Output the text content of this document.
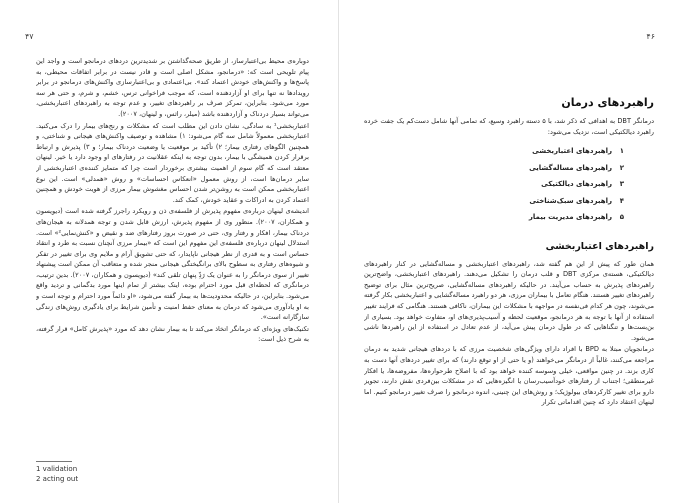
۴۷	۴۶

دوباره‌ی محیط بی‌اعتبارساز، از طریق صحه‌گذاشتن بر شدیدترین دردهای درمانجو است و واجد این پیام تلویحی است که: «درمانجو، مشکل اصلی است و قادر نیست در برابر اتفاقات محیطی، به پاسخ‌ها و واکنش‌های خودش اعتماد کند». بی‌اعتمادی و بی‌اعتبارسازی واکنش‌های درمانجو در برابر رویدادها نه تنها برای او آزاردهنده است، که موجب فراخوانی ترس، خشم، و شرم، و حتی هر سه مورد می‌شود. بنابراین، تمرکز صرف بر راهبردهای تغییر، و عدم توجه به راهبردهای اعتباربخشی، می‌تواند بسیار دردناک و آزاردهنده باشد (میلر، راثس، و لینهان، ۲۰۰۷).

اعتباربخشی¹ به سادگی، نشان دادن این مطلب است که مشکلات و رنج‌های بیمار را درک می‌کنید. اعتباربخشی معمولاً شامل سه گام می‌شود: ۱) مشاهده و توصیف واکنش‌های هیجانی و شناختی، و همچنین الگوهای رفتاری بیمار؛ ۲) تأکید بر موقعیت یا وضعیت دردناک بیمار؛ و ۳) پذیرش و ارتباط برقرار کردن همیشگی با بیمار، بدون توجه به اینکه عقلانیت در رفتارهای او وجود دارد یا خیر. لینهان معتقد است که گام سوم از اهمیت بیشتری برخوردار است چرا که متمایز کننده‌ی اعتباربخشی از سایر درمان‌ها است، از روش معمول «انعکاس احساسات» و روش «همدلی» است. این نوع اعتباربخشی ممکن است به روشن‌تر شدن احساس مغشوش بیمار مرزی از هویت خودش و همچنین اعتماد کردن به ادراکات و عقاید خودش، کمک کند.

اندیشه‌ی لینهان درباره‌ی مفهوم پذیرش از فلسفه‌ی ذن و رویکرد راجرز گرفته شده است (دیویسون و همکاران، ۲۰۰۷). منظور وی از مفهوم پذیرش، ارزش قابل شدن و توجه همدلانه به هیجان‌های دردناک بیمار، افکار و رفتار وی، حتی در صورت بروز رفتارهای ضد و نقیض و «کنش‌نمایی²» است. استدلال لینهان درباره‌ی فلسفه‌ی این مفهوم این است که «بیمار مرزی آنچنان نسبت به طرد و انتقاد حساس است و به قدری از نظر هیجانی ناپایدار، که حتی تشویق آرام و ملایم وی برای تغییر در تفکر و شیوه‌های رفتاری به سطوح بالای برانگیختگی هیجانی منجر شده و متعاقب آن ممکن است پیشنهاد تغییر از سوی درمانگر را به عنوان یک رَدّ‌ِ پنهان تلقی کند» (دیویسون و همکاران، ۲۰۰۷). بدین ترتیب، درمانگری که لحظه‌ای قبل مورد احترام بوده، اینک بیشتر از تمام اینها مورد بدگمانی و تردید واقع می‌شود. بنابراین، در حالیکه محدودیت‌ها به بیمار گفته می‌شود، «او دائماً مورد احترام و توجه است و به او یادآوری می‌شود که درمان به معنای حفظ امنیت و تأمین شرایط برای یادگیری روش‌های زندگی سازگارانه است».

تکنیک‌های ویژه‌ای که درمانگر اتخاذ می‌کند تا به بیمار نشان دهد که مورد «پذیرش کامل» قرار گرفته، به شرح ذیل است:

1 validation
2 acting out
راهبردهای درمان

درمانگر DBT به اهدافی که ذکر شد، با ۵ دسته راهبرد وسیع، که تمامی آنها شامل دست‌کم یک جفت خرده راهبرد دیالکتیکی است، نزدیک می‌شود:

۱راهبردهای اعتباربخشی
۲راهبردهای مساله‌گشایی
۳راهبردهای دیالکتیکی
۴راهبردهای سبک‌شناختی
۵راهبردهای مدیریت بیمار
راهبردهای اعتباربخشی

همان طور که پیش از این هم گفته شد، راهبردهای اعتباربخشی و مساله‌گشایی در کنار راهبردهای دیالکتیکی، هسته‌ی مرکزی DBT و قلب درمان را تشکیل می‌دهند. راهبردهای اعتباربخشی، واضح‌ترین راهبردهای پذیرش به حساب می‌آیند. در حالیکه راهبردهای مساله‌گشایی، صریح‌ترین مثال برای توضیح راهبردهای تغییر هستند. هنگام تعامل با بیماران مرزی، هر دو راهبرد مساله‌گشایی و اعتباربخشی بکار گرفته می‌شوند، چون هر کدام فی‌نفسه در مواجهه با مشکلات این بیماران، ناکافی هستند. هنگامی که فرایند تغییر استفاده از آنها با توجه به هر درمانجو، موقعیت لحظه و آسیب‌پذیری‌های او، متفاوت خواهد بود. بسیاری از بن‌بست‌ها و تنگناهایی که در طول درمان پیش می‌آید، از عدم تعادل در استفاده از این راهبردها ناشی می‌شود.

درمانجویان مبتلا به BPD با افراد دارای ویژگی‌های شخصیت مرزی که با دردهای هیجانی شدید به درمان مراجعه می‌کنند، غالباً از درمانگر می‌خواهند (و یا حتی از او توقع دارند) که برای تغییر دردهای آنها دست به کاری بزند. در چنین مواقعی، خیلی وسوسه کننده خواهد بود که با اصلاح طرحواره‌ها، مفروضه‌ها، یا افکار غیرمنطقی؛ اجتناب از رفتارهای خودآسیب‌رسان یا انگیزه‌هایی که در مشکلات بین‌فردی نقش دارند، تجویز دارو برای تغییر کارکردهای بیولوژیک؛ و روش‌های این چنینی، اندوه درمانجو را صرف تغییر درمانجو کنیم. اما لینهان اعتقاد دارد که چنین اقداماتی تکرار
